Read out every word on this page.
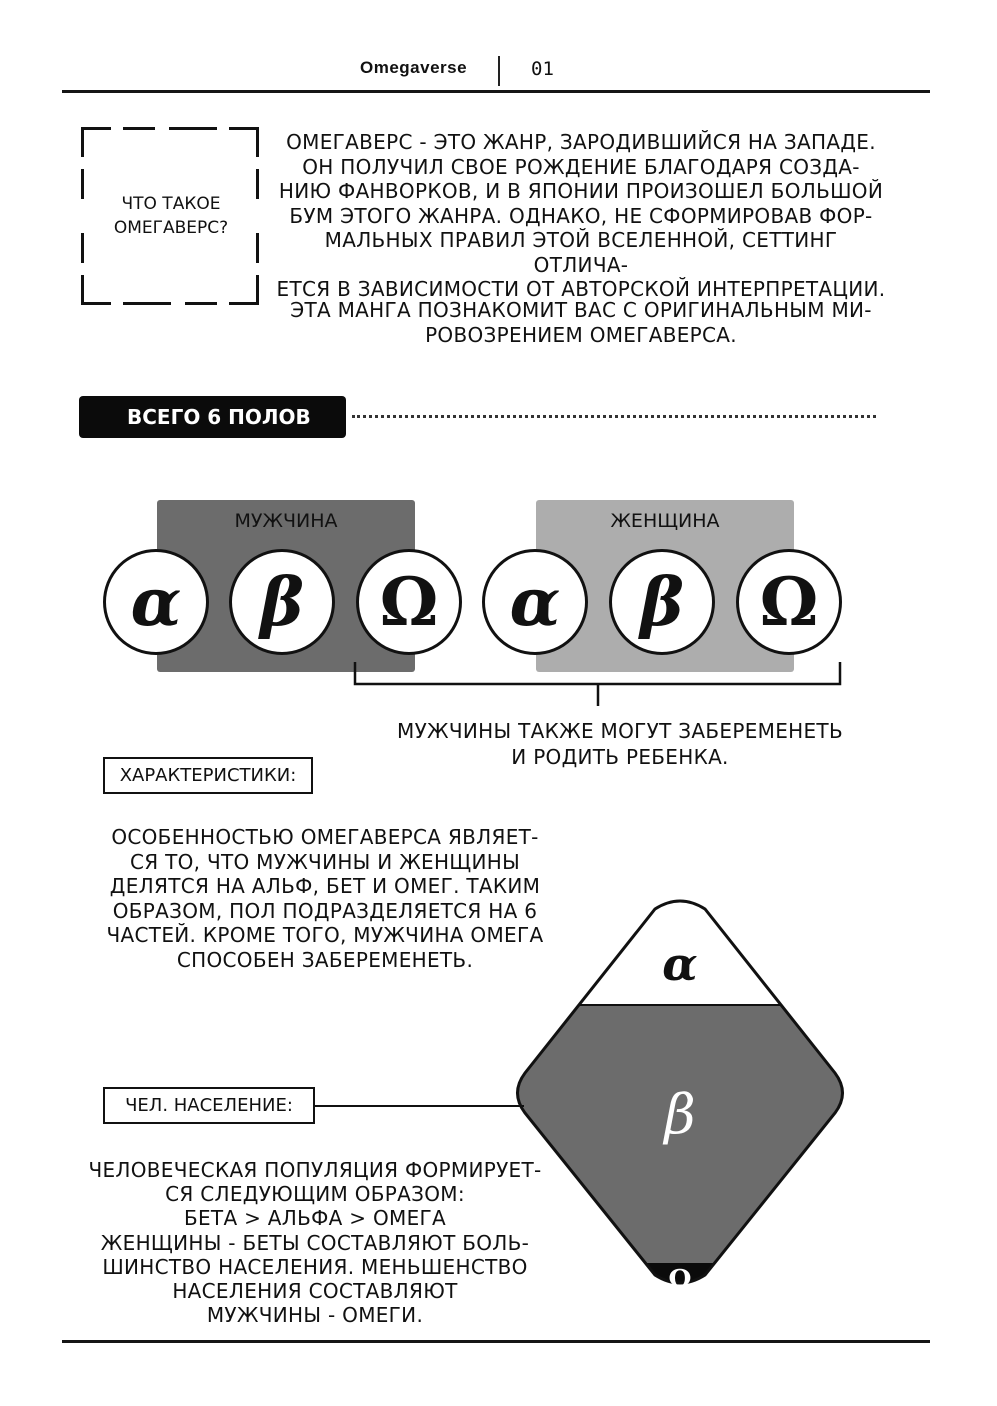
Omegaverse	01
ЧТО ТАКОЕ ОМЕГАВЕРС?
ОМЕГАВЕРС - ЭТО ЖАНР, ЗАРОДИВШИЙСЯ НА ЗАПАДЕ.
ОН ПОЛУЧИЛ СВОЕ РОЖДЕНИЕ БЛАГОДАРЯ СОЗДА-
НИЮ ФАНВОРКОВ, И В ЯПОНИИ ПРОИЗОШЕЛ БОЛЬШОЙ
БУМ ЭТОГО ЖАНРА. ОДНАКО, НЕ СФОРМИРОВАВ ФОР-
МАЛЬНЫХ ПРАВИЛ ЭТОЙ ВСЕЛЕННОЙ, СЕТТИНГ ОТЛИЧА-
ЕТСЯ В ЗАВИСИМОСТИ ОТ АВТОРСКОЙ ИНТЕРПРЕТАЦИИ.
ЭТА МАНГА ПОЗНАКОМИТ ВАС С ОРИГИНАЛЬНЫМ МИ-
РОВОЗРЕНИЕМ ОМЕГАВЕРСА.
ВСЕГО 6 ПОЛОВ
МУЖЧИНА	ЖЕНЩИНА
α	β	Ω	α	β	Ω
МУЖЧИНЫ ТАКЖЕ МОГУТ ЗАБЕРЕМЕНЕТЬ
И РОДИТЬ РЕБЕНКА.
ХАРАКТЕРИСТИКИ:
ОСОБЕННОСТЬЮ ОМЕГАВЕРСА ЯВЛЯЕТ-
СЯ ТО, ЧТО МУЖЧИНЫ И ЖЕНЩИНЫ
ДЕЛЯТСЯ НА АЛЬФ, БЕТ И ОМЕГ. ТАКИМ
ОБРАЗОМ, ПОЛ ПОДРАЗДЕЛЯЕТСЯ НА 6
ЧАСТЕЙ. КРОМЕ ТОГО, МУЖЧИНА ОМЕГА
СПОСОБЕН ЗАБЕРЕМЕНЕТЬ.	α
β
Ω
ЧЕЛ. НАСЕЛЕНИЕ:
ЧЕЛОВЕЧЕСКАЯ ПОПУЛЯЦИЯ ФОРМИРУЕТ-
СЯ СЛЕДУЮЩИМ ОБРАЗОМ:
БЕТА > АЛЬФА > ОМЕГА
ЖЕНЩИНЫ - БЕТЫ СОСТАВЛЯЮТ БОЛЬ-
ШИНСТВО НАСЕЛЕНИЯ. МЕНЬШЕНСТВО
НАСЕЛЕНИЯ СОСТАВЛЯЮТ
МУЖЧИНЫ - ОМЕГИ.
